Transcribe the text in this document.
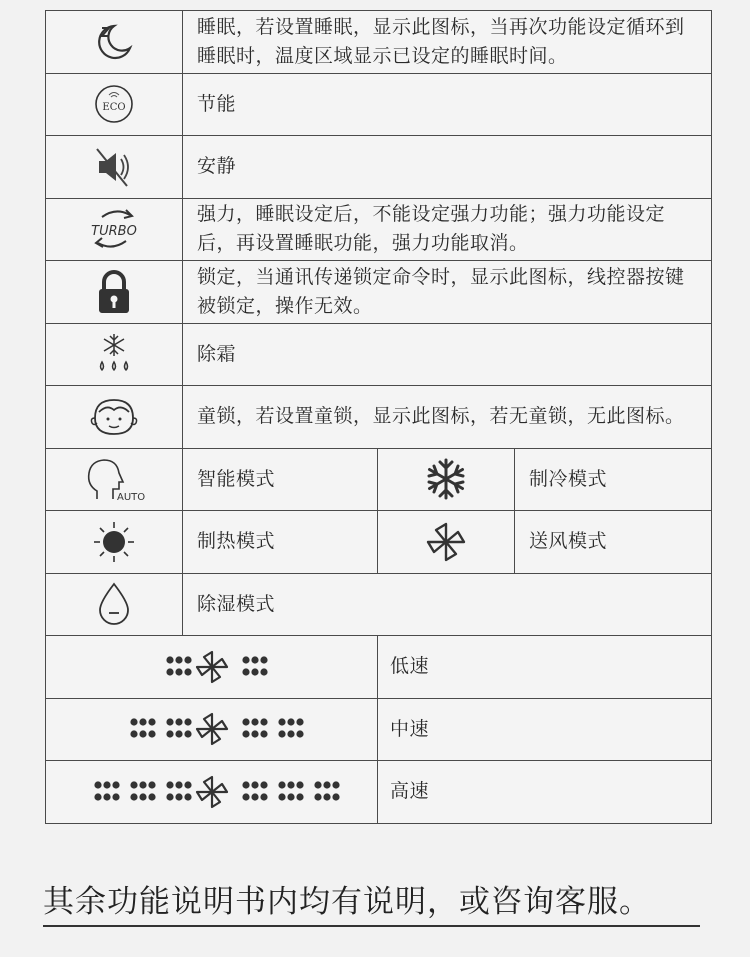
	睡眠，若设置睡眠，显示此图标，当再次功能设定循环到睡眠时，温度区域显示已设定的睡眠时间。		

ECO	节能		

	安静		

TURBO	强力，睡眠设定后，不能设定强力功能；强力功能设定后，再设置睡眠功能，强力功能取消。		

	锁定，当通讯传递锁定命令时，显示此图标，线控器按键被锁定，操作无效。		

	除霜		

	童锁，若设置童锁，显示此图标，若无童锁，无此图标。		

AUTO	智能模式		制冷模式

	制热模式		送风模式

	除湿模式		

	低速	

	中速	

	高速	
其余功能说明书内均有说明，或咨询客服。
